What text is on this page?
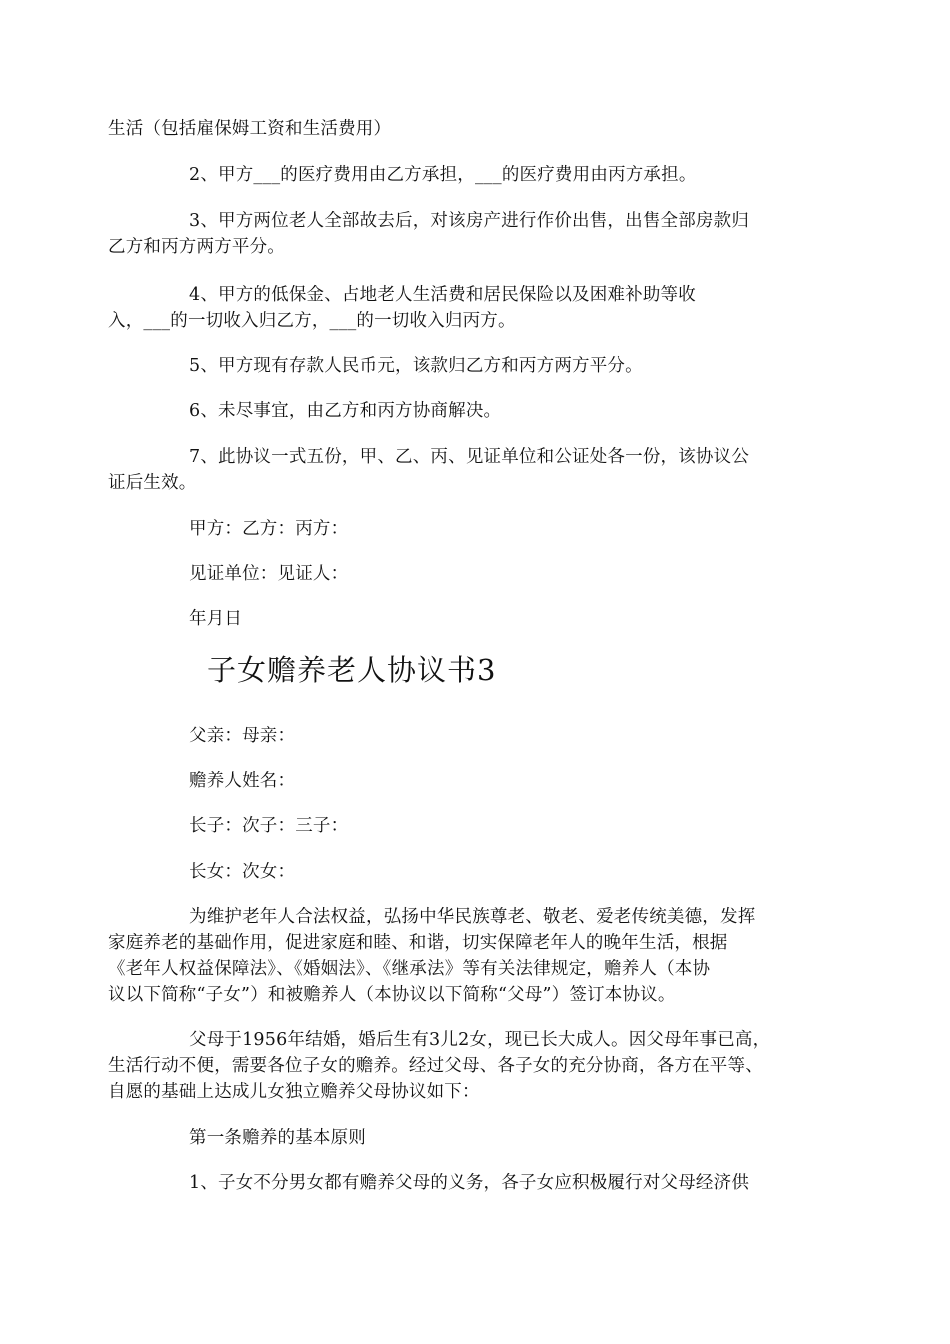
生活（包括雇保姆工资和生活费用）
2、甲方___的医疗费用由乙方承担，___的医疗费用由丙方承担。
3、甲方两位老人全部故去后，对该房产进行作价出售，出售全部房款归
乙方和丙方两方平分。
4、甲方的低保金、占地老人生活费和居民保险以及困难补助等收
入，___的一切收入归乙方，___的一切收入归丙方。
5、甲方现有存款人民币元，该款归乙方和丙方两方平分。
6、未尽事宜，由乙方和丙方协商解决。
7、此协议一式五份，甲、乙、丙、见证单位和公证处各一份，该协议公
证后生效。
甲方：乙方：丙方：
见证单位：见证人：
年月日
子女赡养老人协议书3
父亲：母亲：
赡养人姓名：
长子：次子：三子：
长女：次女：
为维护老年人合法权益，弘扬中华民族尊老、敬老、爱老传统美德，发挥
家庭养老的基础作用，促进家庭和睦、和谐，切实保障老年人的晚年生活，根据
《老年人权益保障法》、《婚姻法》、《继承法》等有关法律规定，赡养人（本协
议以下简称“子女”）和被赡养人（本协议以下简称“父母”）签订本协议。
父母于1956年结婚，婚后生有3儿2女，现已长大成人。因父母年事已高，
生活行动不便，需要各位子女的赡养。经过父母、各子女的充分协商，各方在平等、
自愿的基础上达成儿女独立赡养父母协议如下：
第一条赡养的基本原则
1、子女不分男女都有赡养父母的义务，各子女应积极履行对父母经济供
